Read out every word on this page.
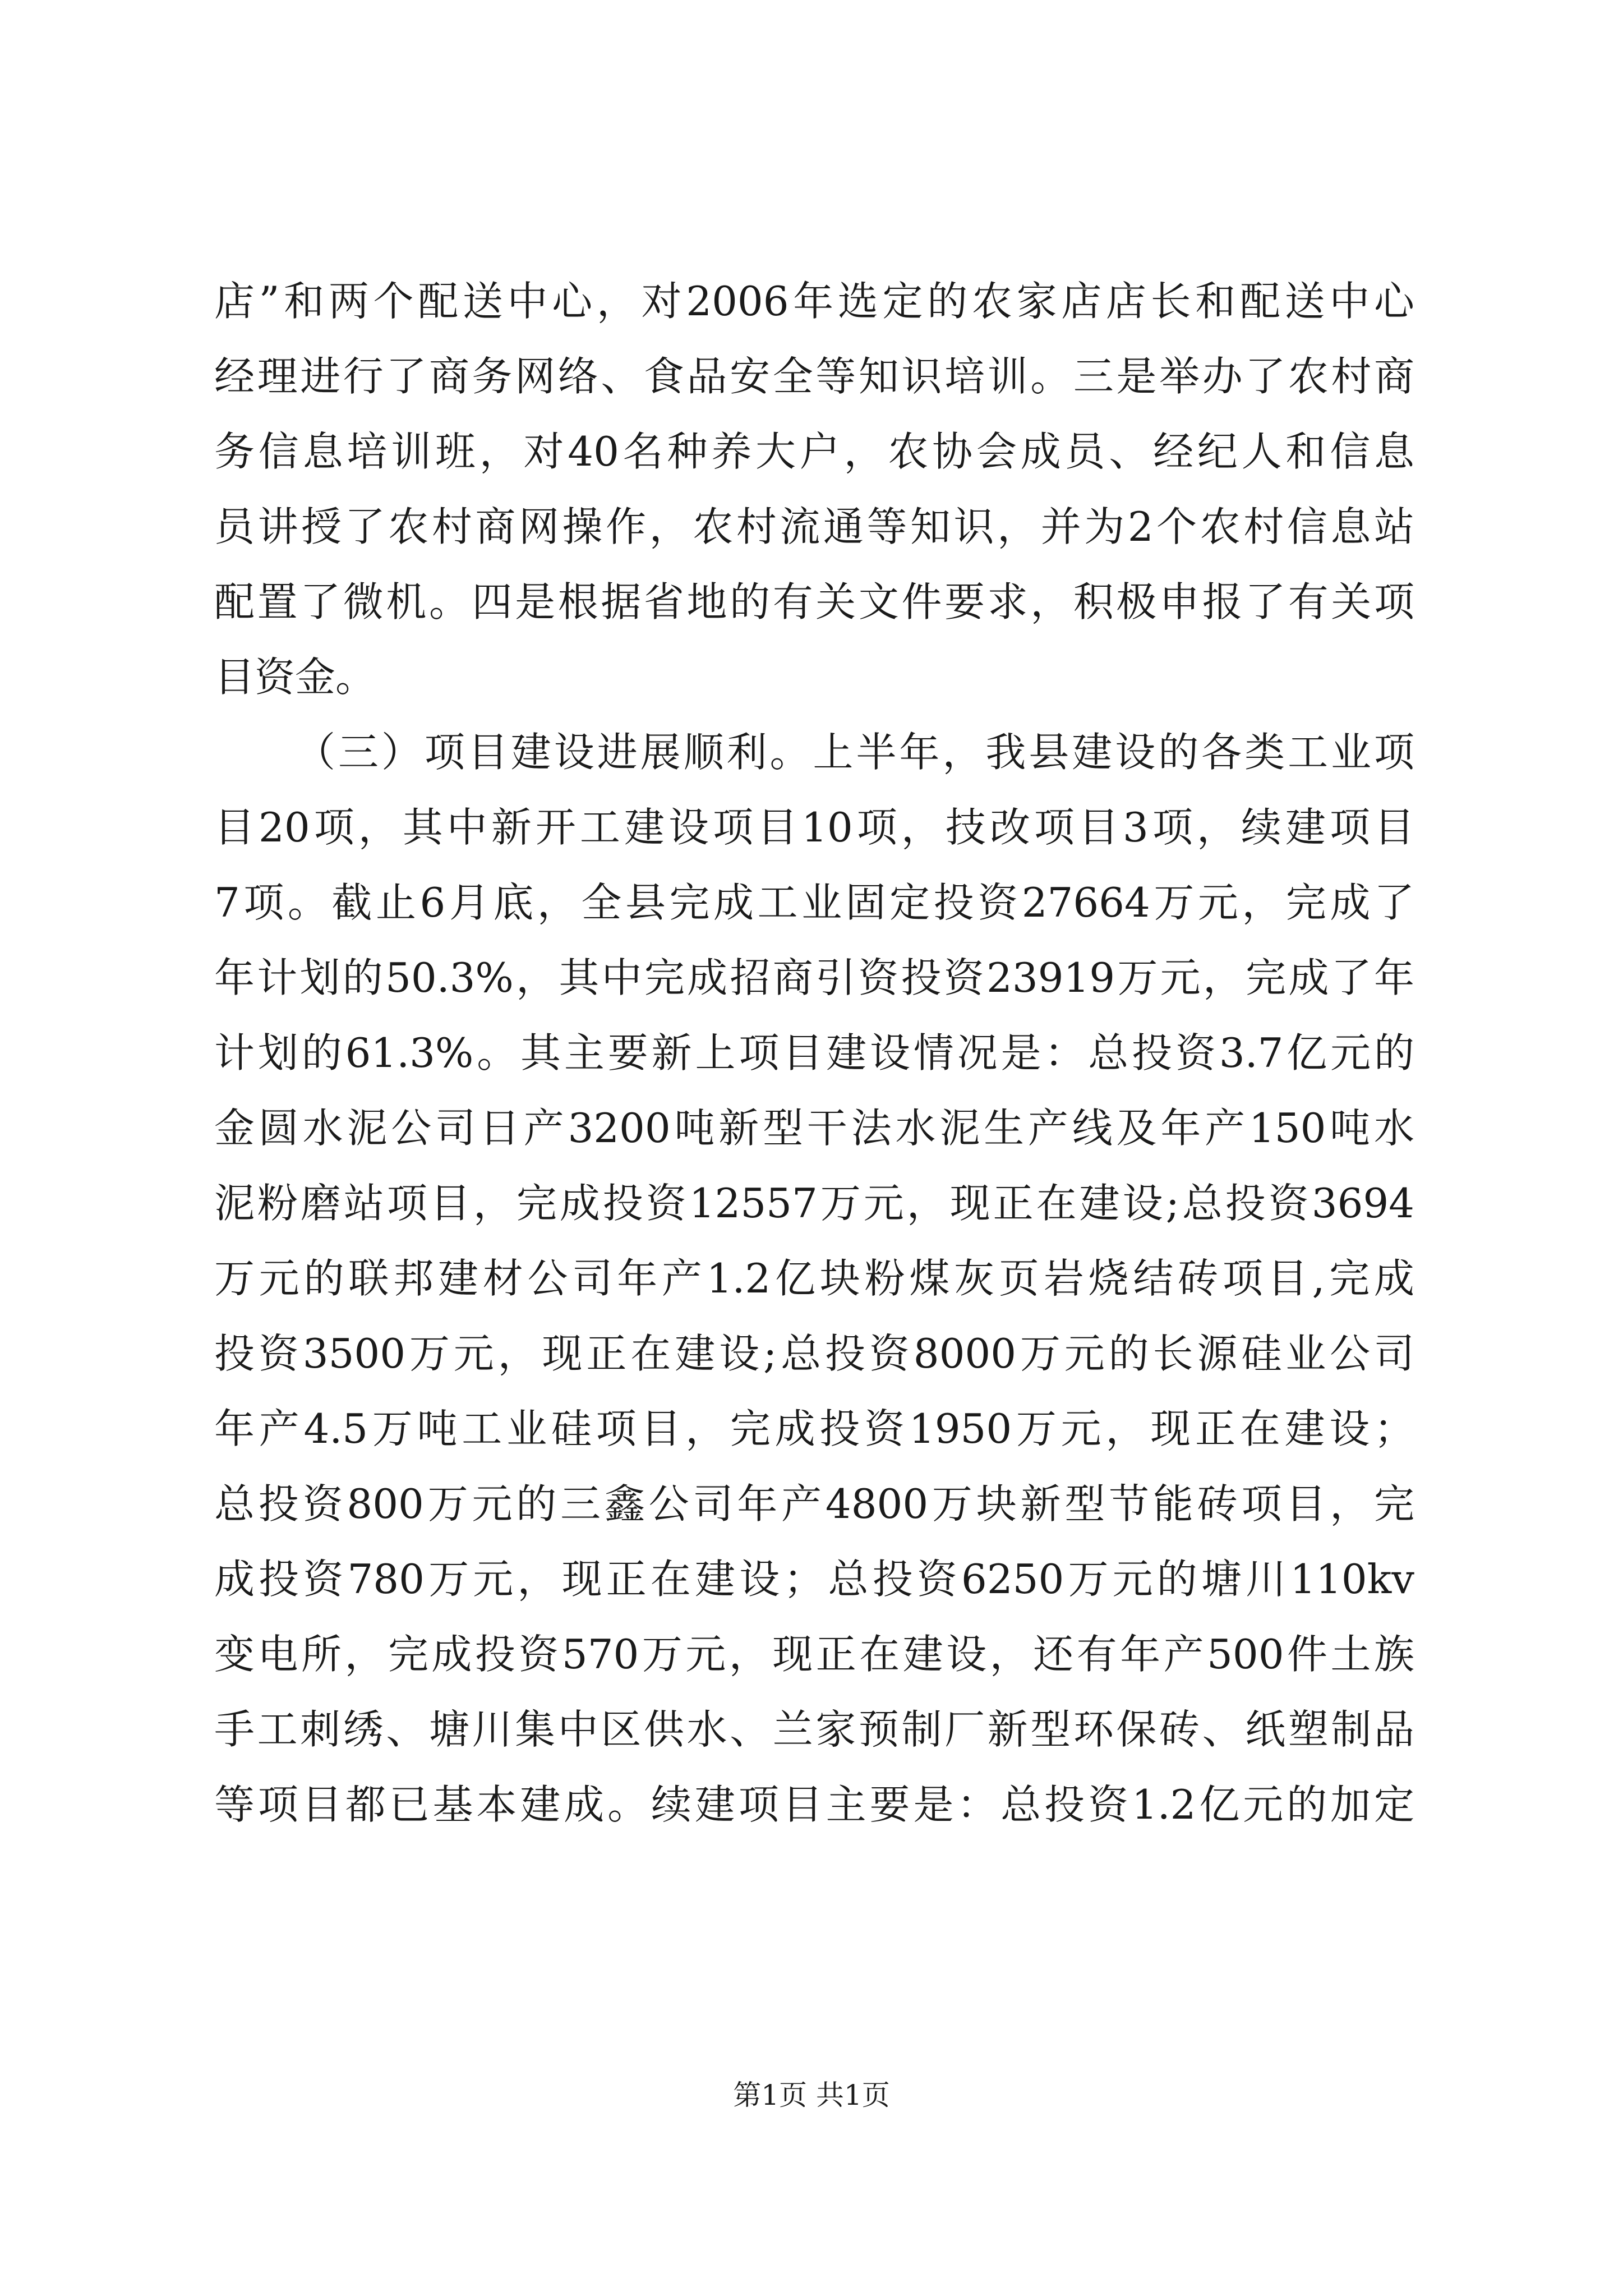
店”和两个配送中心，对2006年选定的农家店店长和配送中心
经理进行了商务网络、食品安全等知识培训。三是举办了农村商
务信息培训班，对40名种养大户，农协会成员、经纪人和信息
员讲授了农村商网操作，农村流通等知识，并为2个农村信息站
配置了微机。四是根据省地的有关文件要求，积极申报了有关项
目资金。
（三）项目建设进展顺利。上半年，我县建设的各类工业项
目20项，其中新开工建设项目10项，技改项目3项，续建项目
7项。截止6月底，全县完成工业固定投资27664万元，完成了
年计划的50.3%，其中完成招商引资投资23919万元，完成了年
计划的61.3%。其主要新上项目建设情况是：总投资3.7亿元的
金圆水泥公司日产3200吨新型干法水泥生产线及年产150吨水
泥粉磨站项目，完成投资12557万元，现正在建设;总投资3694
万元的联邦建材公司年产1.2亿块粉煤灰页岩烧结砖项目,完成
投资3500万元，现正在建设;总投资8000万元的长源硅业公司
年产4.5万吨工业硅项目，完成投资1950万元，现正在建设；
总投资800万元的三鑫公司年产4800万块新型节能砖项目，完
成投资780万元，现正在建设；总投资6250万元的塘川110kv
变电所，完成投资570万元，现正在建设，还有年产500件土族
手工刺绣、塘川集中区供水、兰家预制厂新型环保砖、纸塑制品
等项目都已基本建成。续建项目主要是：总投资1.2亿元的加定
第1页 共1页
